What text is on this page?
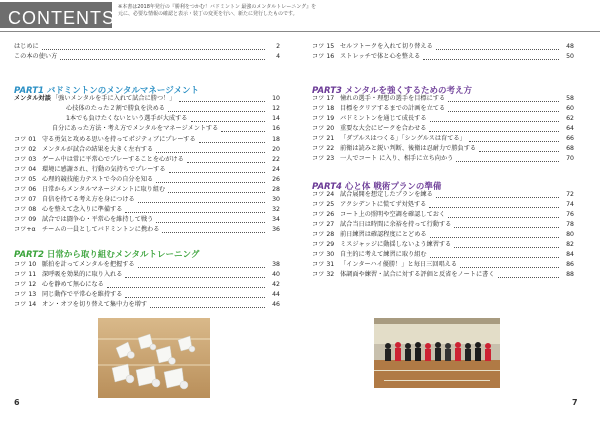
CONTENTS
※本書は2018年発行の『勝利をつかむ！バドミントン 最強のメンタルトレーニング』を元に、必要な情報の確認と表示・装丁の変更を行い、新たに発行したものです。
はじめに	2
この本の使い方	4
PART1 バドミントンのメンタルマネージメント
メンタル対談 「強いメンタルを手に入れて試合に勝つ！」	10
心技体のたった２割で勝負を決める	12
1本でも負けたくないという選手が大成する	14
自分にあった方法・考え方でメンタルをマネージメントする	16
コツ 01 守る勇気と攻める思いを持ってポジティブにプレーする	18
コツ 02 メンタルが試合の結果を大きく左右する	20
コツ 03 ゲーム中は常に平常心でプレーすることを心がける	22
コツ 04 環境に感謝され、行動の気持ちでプレーする	24
コツ 05 心理的競技能力テストで今の自分を知る	26
コツ 06 日常からメンタルマネージメントに取り組む	28
コツ 07 自信を持てる考え方を身につける	30
コツ 08 心を整えて念入りに準備する	32
コツ 09 試合では闘争心・平常心を維持して戦う	34
コツ+α	チームの一員としてバドミントンに携わる	36
PART2 日常から取り組むメンタルトレーニング
コツ 10 脈拍を計ってメンタルを把握する	38
コツ 11 深呼吸を効果的に取り入れる	40
コツ 12 心を静めて無心になる	42
コツ 13 同じ動作で平常心を維持する	44
コツ 14 オン・オフを切り替えて集中力を増す	46
6
コツ 15 セルフトークを入れて切り替える	48
コツ 16 ストレッチで体と心を整える	50
PART3 メンタルを強くするための考え方
コツ 17 憧れの選手・理想の選手を目標にする	58
コツ 18 目標をクリアするまでの計画を立てる	60
コツ 19 バドミントンを通じて成長する	62
コツ 20 重要な大会にピークを合わせる	64
コツ 21 「ダブルスはつくる」「シングルスは育てる」	66
コツ 22 前衛は読みと鋭い判断、後衛は忍耐力で勝負する	68
コツ 23 一人でコート に入り、相手に立ち向かう	70
PART4 心と体 戦術プランの準備
コツ 24 試合展開を想定したプランを練る	72
コツ 25 アクシデントに慌てず対処する	74
コツ 26 コート上の照明や空調を確認しておく	76
コツ 27 試合当日は時間に余裕を持って行動する	78
コツ 28 前日練習は確認程度にとどめる	80
コツ 29 ミスジャッジに動揺しないよう練習する	82
コツ 30 自主的に考えて練習に取り組む	84
コツ 31 「インターハイ優勝！」と毎日三回唱える	86
コツ 32 体調面や練習・試合に対する評価と反省をノートに書く	88
7
